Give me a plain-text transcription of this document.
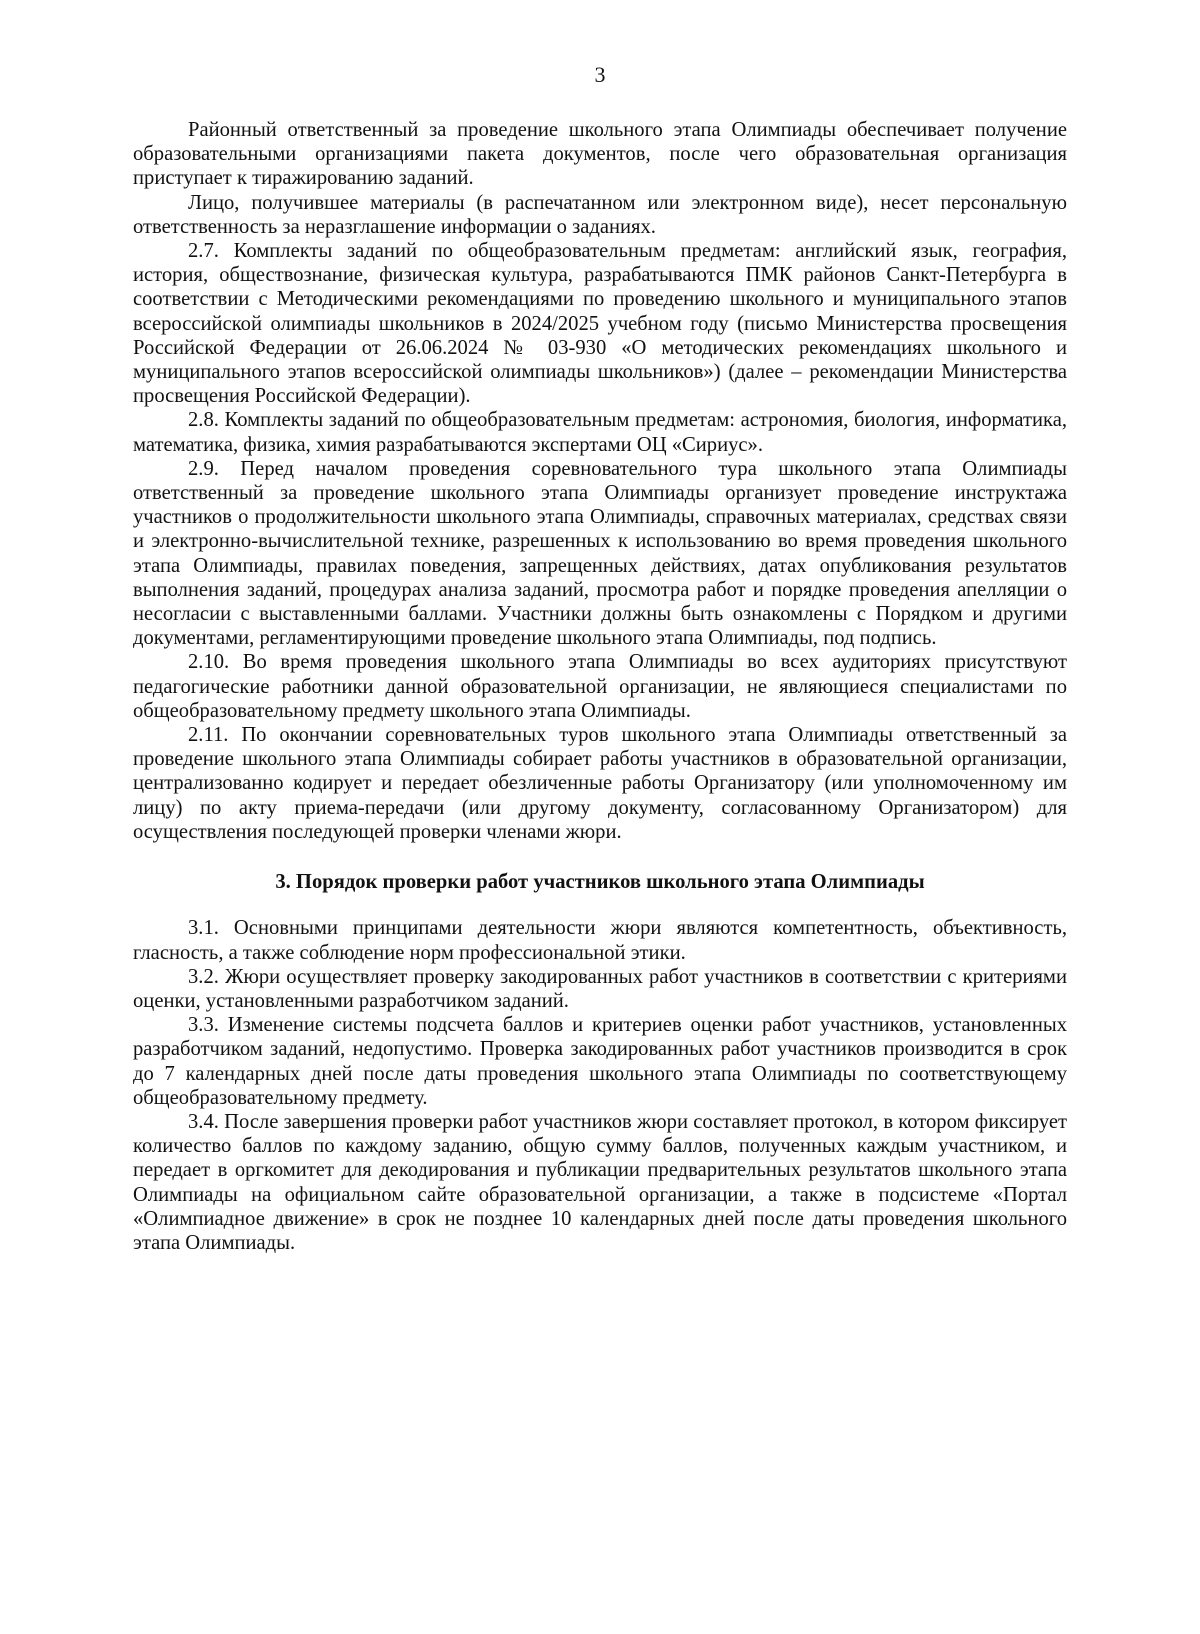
3

Районный ответственный за проведение школьного этапа Олимпиады обеспечивает получение образовательными организациями пакета документов, после чего образовательная организация приступает к тиражированию заданий.

Лицо, получившее материалы (в распечатанном или электронном виде), несет персональную ответственность за неразглашение информации о заданиях.

2.7. Комплекты заданий по общеобразовательным предметам: английский язык, география, история, обществознание, физическая культура, разрабатываются ПМК районов Санкт-Петербурга в соответствии с Методическими рекомендациями по проведению школьного и муниципального этапов всероссийской олимпиады школьников в 2024/2025 учебном году (письмо Министерства просвещения Российской Федерации от 26.06.2024 № 03-930 «О методических рекомендациях школьного и муниципального этапов всероссийской олимпиады школьников») (далее – рекомендации Министерства просвещения Российской Федерации).

2.8. Комплекты заданий по общеобразовательным предметам: астрономия, биология, информатика, математика, физика, химия разрабатываются экспертами ОЦ «Сириус».

2.9. Перед началом проведения соревновательного тура школьного этапа Олимпиады ответственный за проведение школьного этапа Олимпиады организует проведение инструктажа участников о продолжительности школьного этапа Олимпиады, справочных материалах, средствах связи и электронно-вычислительной технике, разрешенных к использованию во время проведения школьного этапа Олимпиады, правилах поведения, запрещенных действиях, датах опубликования результатов выполнения заданий, процедурах анализа заданий, просмотра работ и порядке проведения апелляции о несогласии с выставленными баллами. Участники должны быть ознакомлены с Порядком и другими документами, регламентирующими проведение школьного этапа Олимпиады, под подпись.

2.10. Во время проведения школьного этапа Олимпиады во всех аудиториях присутствуют педагогические работники данной образовательной организации, не являющиеся специалистами по общеобразовательному предмету школьного этапа Олимпиады.

2.11. По окончании соревновательных туров школьного этапа Олимпиады ответственный за проведение школьного этапа Олимпиады собирает работы участников в образовательной организации, централизованно кодирует и передает обезличенные работы Организатору (или уполномоченному им лицу) по акту приема-передачи (или другому документу, согласованному Организатором) для осуществления последующей проверки членами жюри.

3. Порядок проверки работ участников школьного этапа Олимпиады

3.1. Основными принципами деятельности жюри являются компетентность, объективность, гласность, а также соблюдение норм профессиональной этики.

3.2. Жюри осуществляет проверку закодированных работ участников в соответствии с критериями оценки, установленными разработчиком заданий.

3.3. Изменение системы подсчета баллов и критериев оценки работ участников, установленных разработчиком заданий, недопустимо. Проверка закодированных работ участников производится в срок до 7 календарных дней после даты проведения школьного этапа Олимпиады по соответствующему общеобразовательному предмету.

3.4. После завершения проверки работ участников жюри составляет протокол, в котором фиксирует количество баллов по каждому заданию, общую сумму баллов, полученных каждым участником, и передает в оргкомитет для декодирования и публикации предварительных результатов школьного этапа Олимпиады на официальном сайте образовательной организации, а также в подсистеме «Портал «Олимпиадное движение» в срок не позднее 10 календарных дней после даты проведения школьного этапа Олимпиады.
